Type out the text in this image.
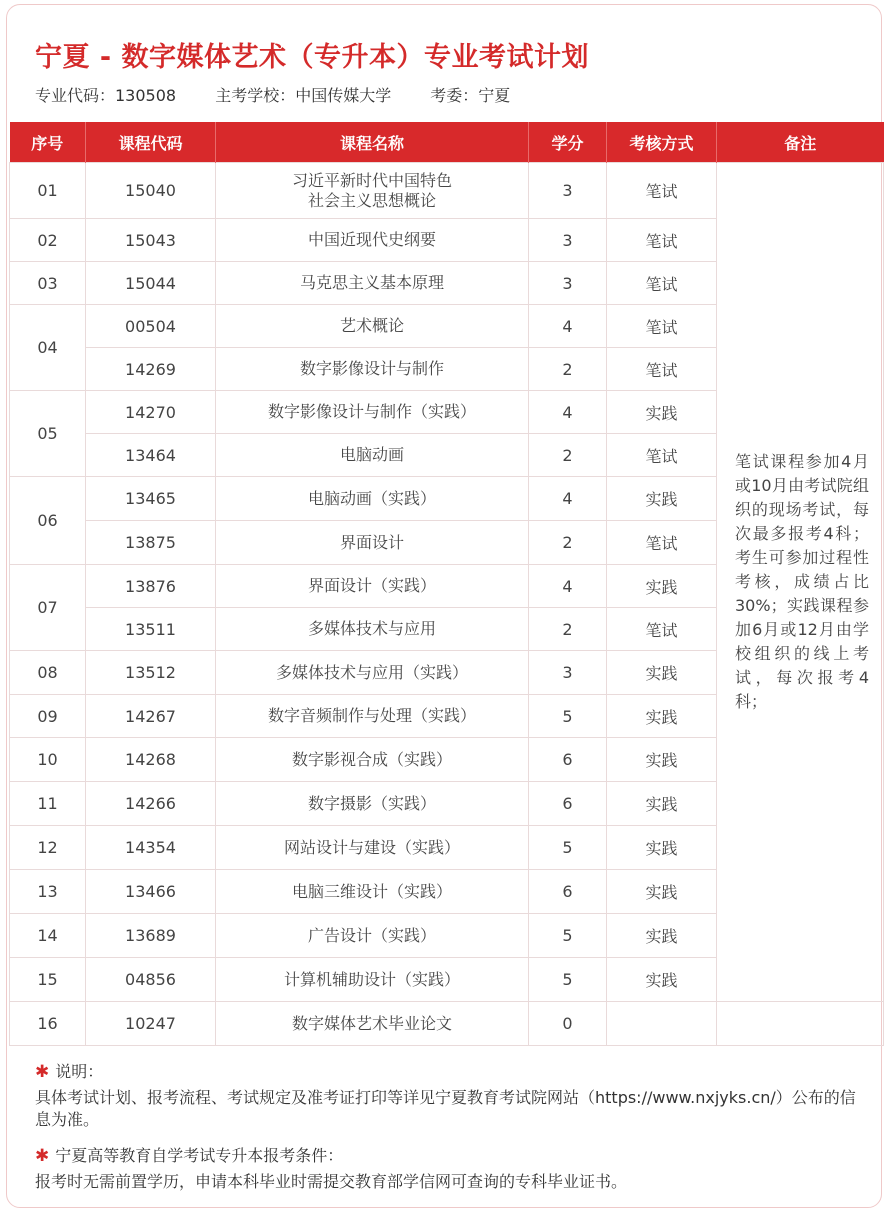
宁夏 - 数字媒体艺术（专升本）专业考试计划
专业代码：130508 主考学校：中国传媒大学 考委：宁夏
✱ 说明：

具体考试计划、报考流程、考试规定及准考证打印等详见宁夏教育考试院网站（https://www.nxjyks.cn/）公布的信息为准。

✱ 宁夏高等教育自学考试专升本报考条件：

报考时无需前置学历，申请本科毕业时需提交教育部学信网可查询的专科毕业证书。

序号	课程代码	课程名称	学分	考核方式	备注
01	15040	习近平新时代中国特色
社会主义思想概论	3	笔试	笔试课程参加4月或10月由考试院组织的现场考试，每次最多报考4科；考生可参加过程性考核，成绩占比30%；实践课程参加6月或12月由学校组织的线上考试，每次报考4科；
02	15043	中国近现代史纲要	3	笔试	
03	15044	马克思主义基本原理	3	笔试	
04	00504	艺术概论	4	笔试	
	14269	数字影像设计与制作	2	笔试	
05	14270	数字影像设计与制作（实践）	4	实践	
	13464	电脑动画	2	笔试	
06	13465	电脑动画（实践）	4	实践	
	13875	界面设计	2	笔试	
07	13876	界面设计（实践）	4	实践	
	13511	多媒体技术与应用	2	笔试	
08	13512	多媒体技术与应用（实践）	3	实践	
09	14267	数字音频制作与处理（实践）	5	实践	
10	14268	数字影视合成（实践）	6	实践	
11	14266	数字摄影（实践）	6	实践	
12	14354	网站设计与建设（实践）	5	实践	
13	13466	电脑三维设计（实践）	6	实践	
14	13689	广告设计（实践）	5	实践	
15	04856	计算机辅助设计（实践）	5	实践	
16	10247	数字媒体艺术毕业论文	0		
